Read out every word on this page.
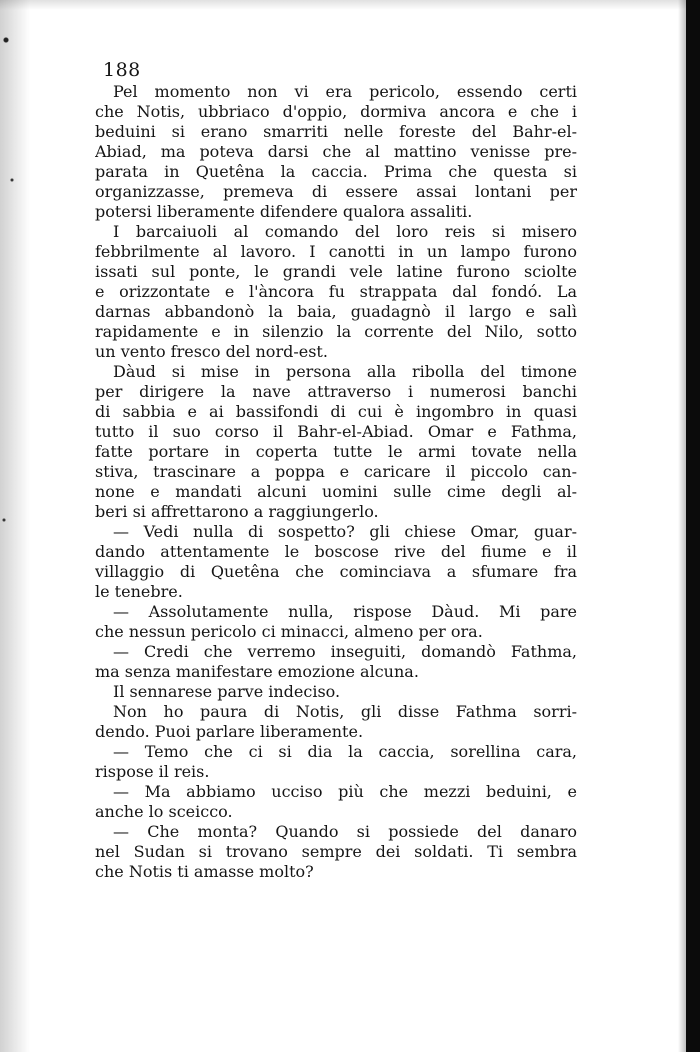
188
Pel momento non vi era pericolo, essendo certi
che Notis, ubbriaco d'oppio, dormiva ancora e che i
beduini si erano smarriti nelle foreste del Bahr-el-
Abiad, ma poteva darsi che al mattino venisse pre-
parata in Quetêna la caccia. Prima che questa si
organizzasse, premeva di essere assai lontani per
potersi liberamente difendere qualora assaliti.
I barcaiuoli al comando del loro reis si misero
febbrilmente al lavoro. I canotti in un lampo furono
issati sul ponte, le grandi vele latine furono sciolte
e orizzontate e l'àncora fu strappata dal fondó. La
darnas abbandonò la baia, guadagnò il largo e salì
rapidamente e in silenzio la corrente del Nilo, sotto
un vento fresco del nord-est.
Dàud si mise in persona alla ribolla del timone
per dirigere la nave attraverso i numerosi banchi
di sabbia e ai bassifondi di cui è ingombro in quasi
tutto il suo corso il Bahr-el-Abiad. Omar e Fathma,
fatte portare in coperta tutte le armi tovate nella
stiva, trascinare a poppa e caricare il piccolo can-
none e mandati alcuni uomini sulle cime degli al-
beri si affrettarono a raggiungerlo.
— Vedi nulla di sospetto? gli chiese Omar, guar-
dando attentamente le boscose rive del fiume e il
villaggio di Quetêna che cominciava a sfumare fra
le tenebre.
— Assolutamente nulla, rispose Dàud. Mi pare
che nessun pericolo ci minacci, almeno per ora.
— Credi che verremo inseguiti, domandò Fathma,
ma senza manifestare emozione alcuna.
Il sennarese parve indeciso.
Non ho paura di Notis, gli disse Fathma sorri-
dendo. Puoi parlare liberamente.
— Temo che ci si dia la caccia, sorellina cara,
rispose il reis.
— Ma abbiamo ucciso più che mezzi beduini, e
anche lo sceicco.
— Che monta? Quando si possiede del danaro
nel Sudan si trovano sempre dei soldati. Ti sembra
che Notis ti amasse molto?
